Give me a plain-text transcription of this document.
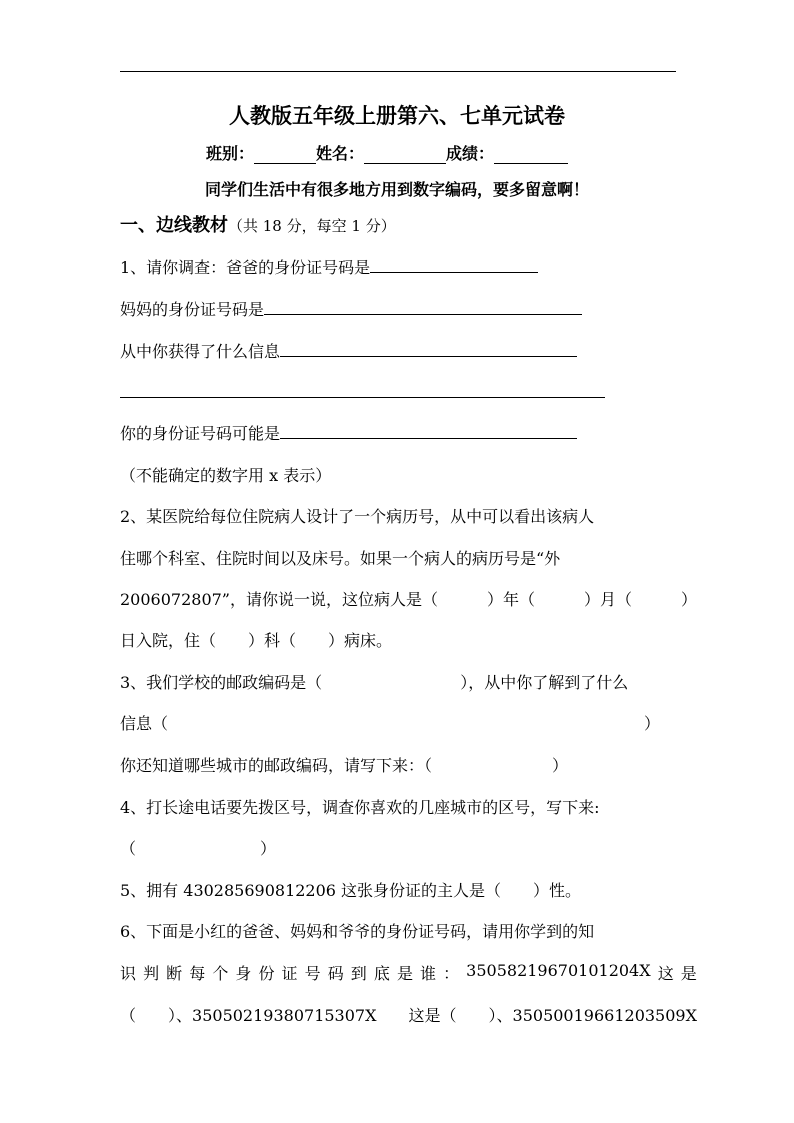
人教版五年级上册第六、七单元试卷
班别：	姓名：	成绩：
同学们生活中有很多地方用到数字编码，要多留意啊！
一、边线教材（共 18 分，每空 1 分）
1、请你调查：爸爸的身份证号码是
妈妈的身份证号码是
从中你获得了什么信息
你的身份证号码可能是
（不能确定的数字用 x 表示）
2、某医院给每位住院病人设计了一个病历号，从中可以看出该病人
住哪个科室、住院时间以及床号。如果一个病人的病历号是“外
2006072807”，请你说一说，这位病人是（	）年（	）月（	）
日入院，住（　　）科（　　）病床。
3、我们学校的邮政编码是（	），从中你了解到了什么
信息（	）
你还知道哪些城市的邮政编码，请写下来：（	）
4、打长途电话要先拨区号，调查你喜欢的几座城市的区号，写下来:
（	）
5、拥有 430285690812206 这张身份证的主人是（　　）性。
6、下面是小红的爸爸、妈妈和爷爷的身份证号码，请用你学到的知
识 判 断 每 个 身 份 证 号 码 到 底 是 谁 ： 35058219670101204X 这 是
（ ）、35050219380715307X 这是（ ）、35050019661203509X
